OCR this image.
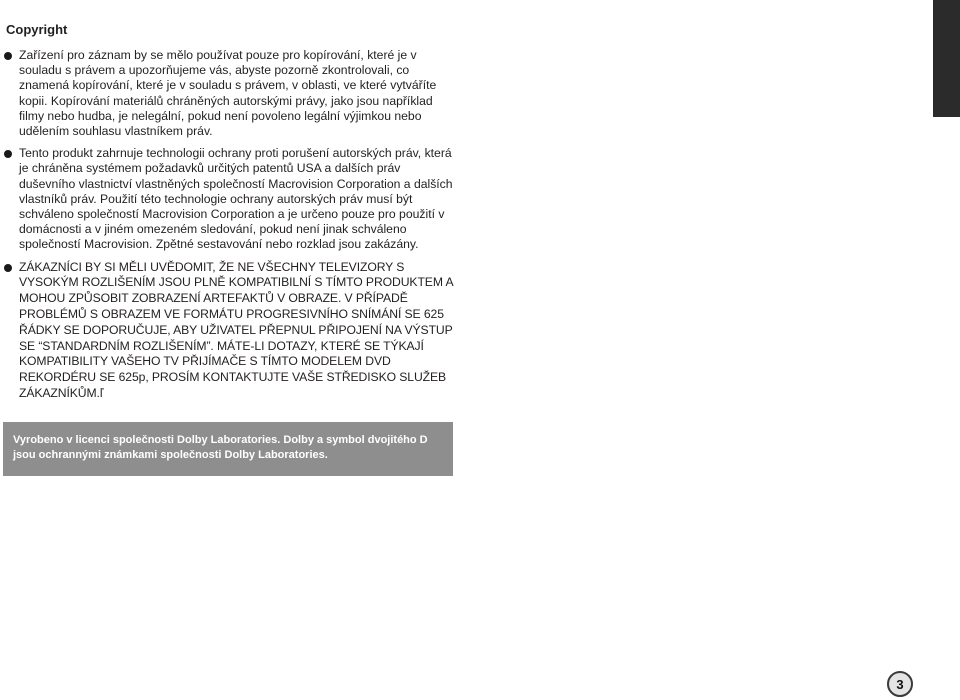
Copyright
Zařízení pro záznam by se mělo používat pouze pro kopírování, které je v souladu s právem a upozorňujeme vás, abyste pozorně zkontrolovali, co znamená kopírování, které je v souladu s právem, v oblasti, ve které vytváříte kopii. Kopírování materiálů chráněných autorskými právy, jako jsou například filmy nebo hudba, je nelegální, pokud není povoleno legální výjimkou nebo udělením souhlasu vlastníkem práv.
Tento produkt zahrnuje technologii ochrany proti porušení autorských práv, která je chráněna systémem požadavků určitých patentů USA a dalších práv duševního vlastnictví vlastněných společností Macrovision Corporation a dalších vlastníků práv. Použití této technologie ochrany autorských práv musí být schváleno společností Macrovision Corporation a je určeno pouze pro použití v domácnosti a v jiném omezeném sledování, pokud není jinak schváleno společností Macrovision. Zpětné sestavování nebo rozklad jsou zakázány.
ZÁKAZNÍCI BY SI MĚLI UVĚDOMIT, ŽE NE VŠECHNY TELEVIZORY S VYSOKÝM ROZLIŠENÍM JSOU PLNĚ KOMPATIBILNÍ S TÍMTO PRODUKTEM A MOHOU ZPŮSOBIT ZOBRAZENÍ ARTEFAKTŮ V OBRAZE. V PŘÍPADĚ PROBLÉMŮ S OBRAZEM VE FORMÁTU PROGRESIVNÍHO SNÍMÁNÍ SE 625 ŘÁDKY SE DOPORUČUJE, ABY UŽIVATEL PŘEPNUL PŘIPOJENÍ NA VÝSTUP SE “STANDARDNÍM ROZLIŠENÍM”. MÁTE-LI DOTAZY, KTERÉ SE TÝKAJÍ KOMPATIBILITY VAŠEHO TV PŘIJÍMAČE S TÍMTO MODELEM DVD REKORDÉRU SE 625p, PROSÍM KONTAKTUJTE VAŠE STŘEDISKO SLUŽEB ZÁKAZNÍKŮM.ľ
Vyrobeno v licenci společnosti Dolby Laboratories. Dolby a symbol dvojitého D jsou ochrannými známkami společnosti Dolby Laboratories.
3
